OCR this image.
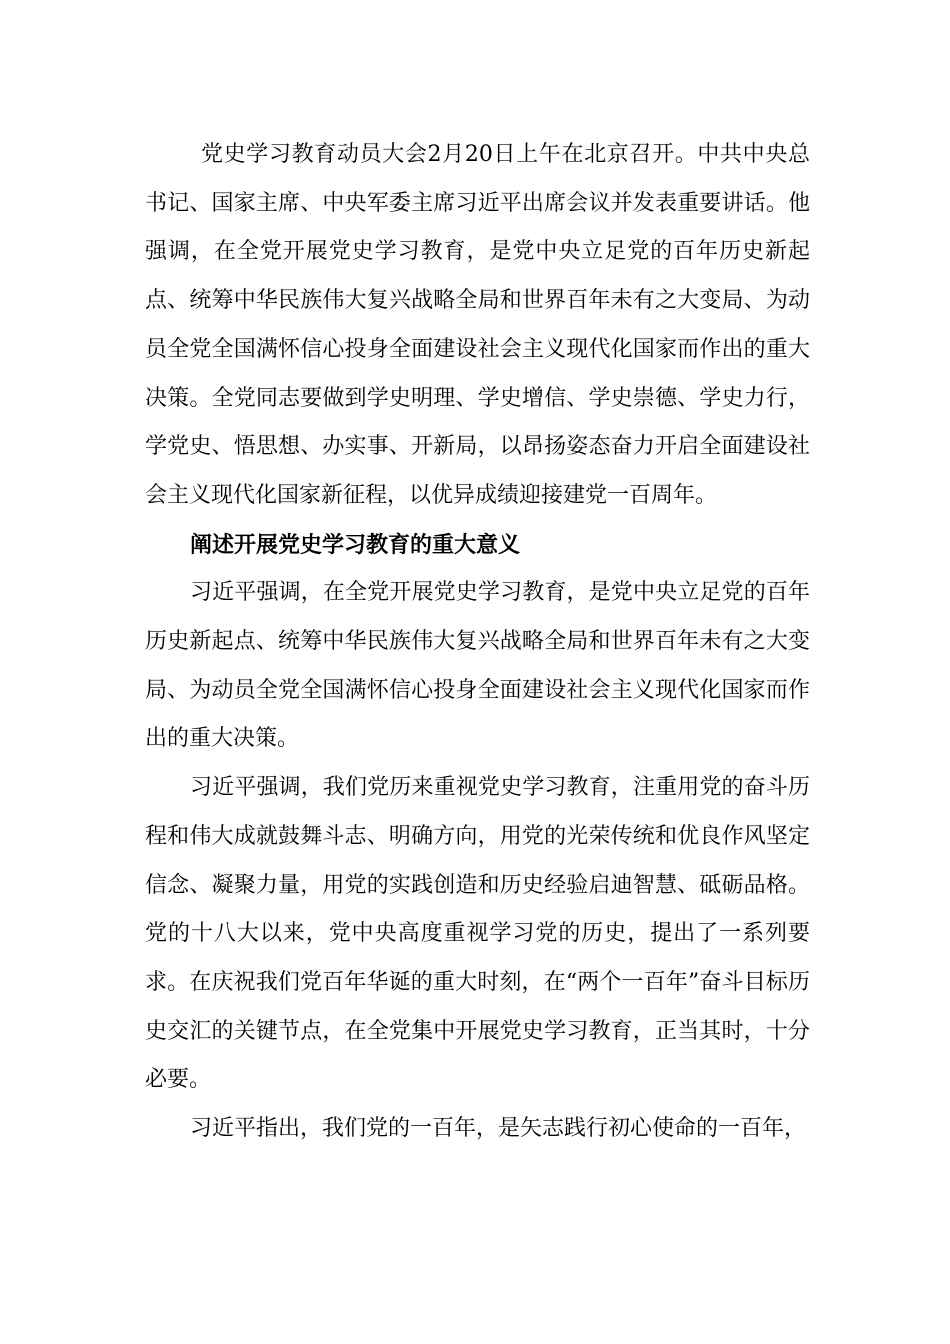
党史学习教育动员大会2月20日上午在北京召开。中共中央总书记、国家主席、中央军委主席习近平出席会议并发表重要讲话。他强调，在全党开展党史学习教育，是党中央立足党的百年历史新起点、统筹中华民族伟大复兴战略全局和世界百年未有之大变局、为动员全党全国满怀信心投身全面建设社会主义现代化国家而作出的重大决策。全党同志要做到学史明理、学史增信、学史崇德、学史力行，学党史、悟思想、办实事、开新局，以昂扬姿态奋力开启全面建设社会主义现代化国家新征程，以优异成绩迎接建党一百周年。

阐述开展党史学习教育的重大意义

习近平强调，在全党开展党史学习教育，是党中央立足党的百年历史新起点、统筹中华民族伟大复兴战略全局和世界百年未有之大变局、为动员全党全国满怀信心投身全面建设社会主义现代化国家而作出的重大决策。

习近平强调，我们党历来重视党史学习教育，注重用党的奋斗历程和伟大成就鼓舞斗志、明确方向，用党的光荣传统和优良作风坚定信念、凝聚力量，用党的实践创造和历史经验启迪智慧、砥砺品格。党的十八大以来，党中央高度重视学习党的历史，提出了一系列要求。在庆祝我们党百年华诞的重大时刻，在“两个一百年”奋斗目标历史交汇的关键节点，在全党集中开展党史学习教育，正当其时，十分必要。

习近平指出，我们党的一百年，是矢志践行初心使命的一百年，
